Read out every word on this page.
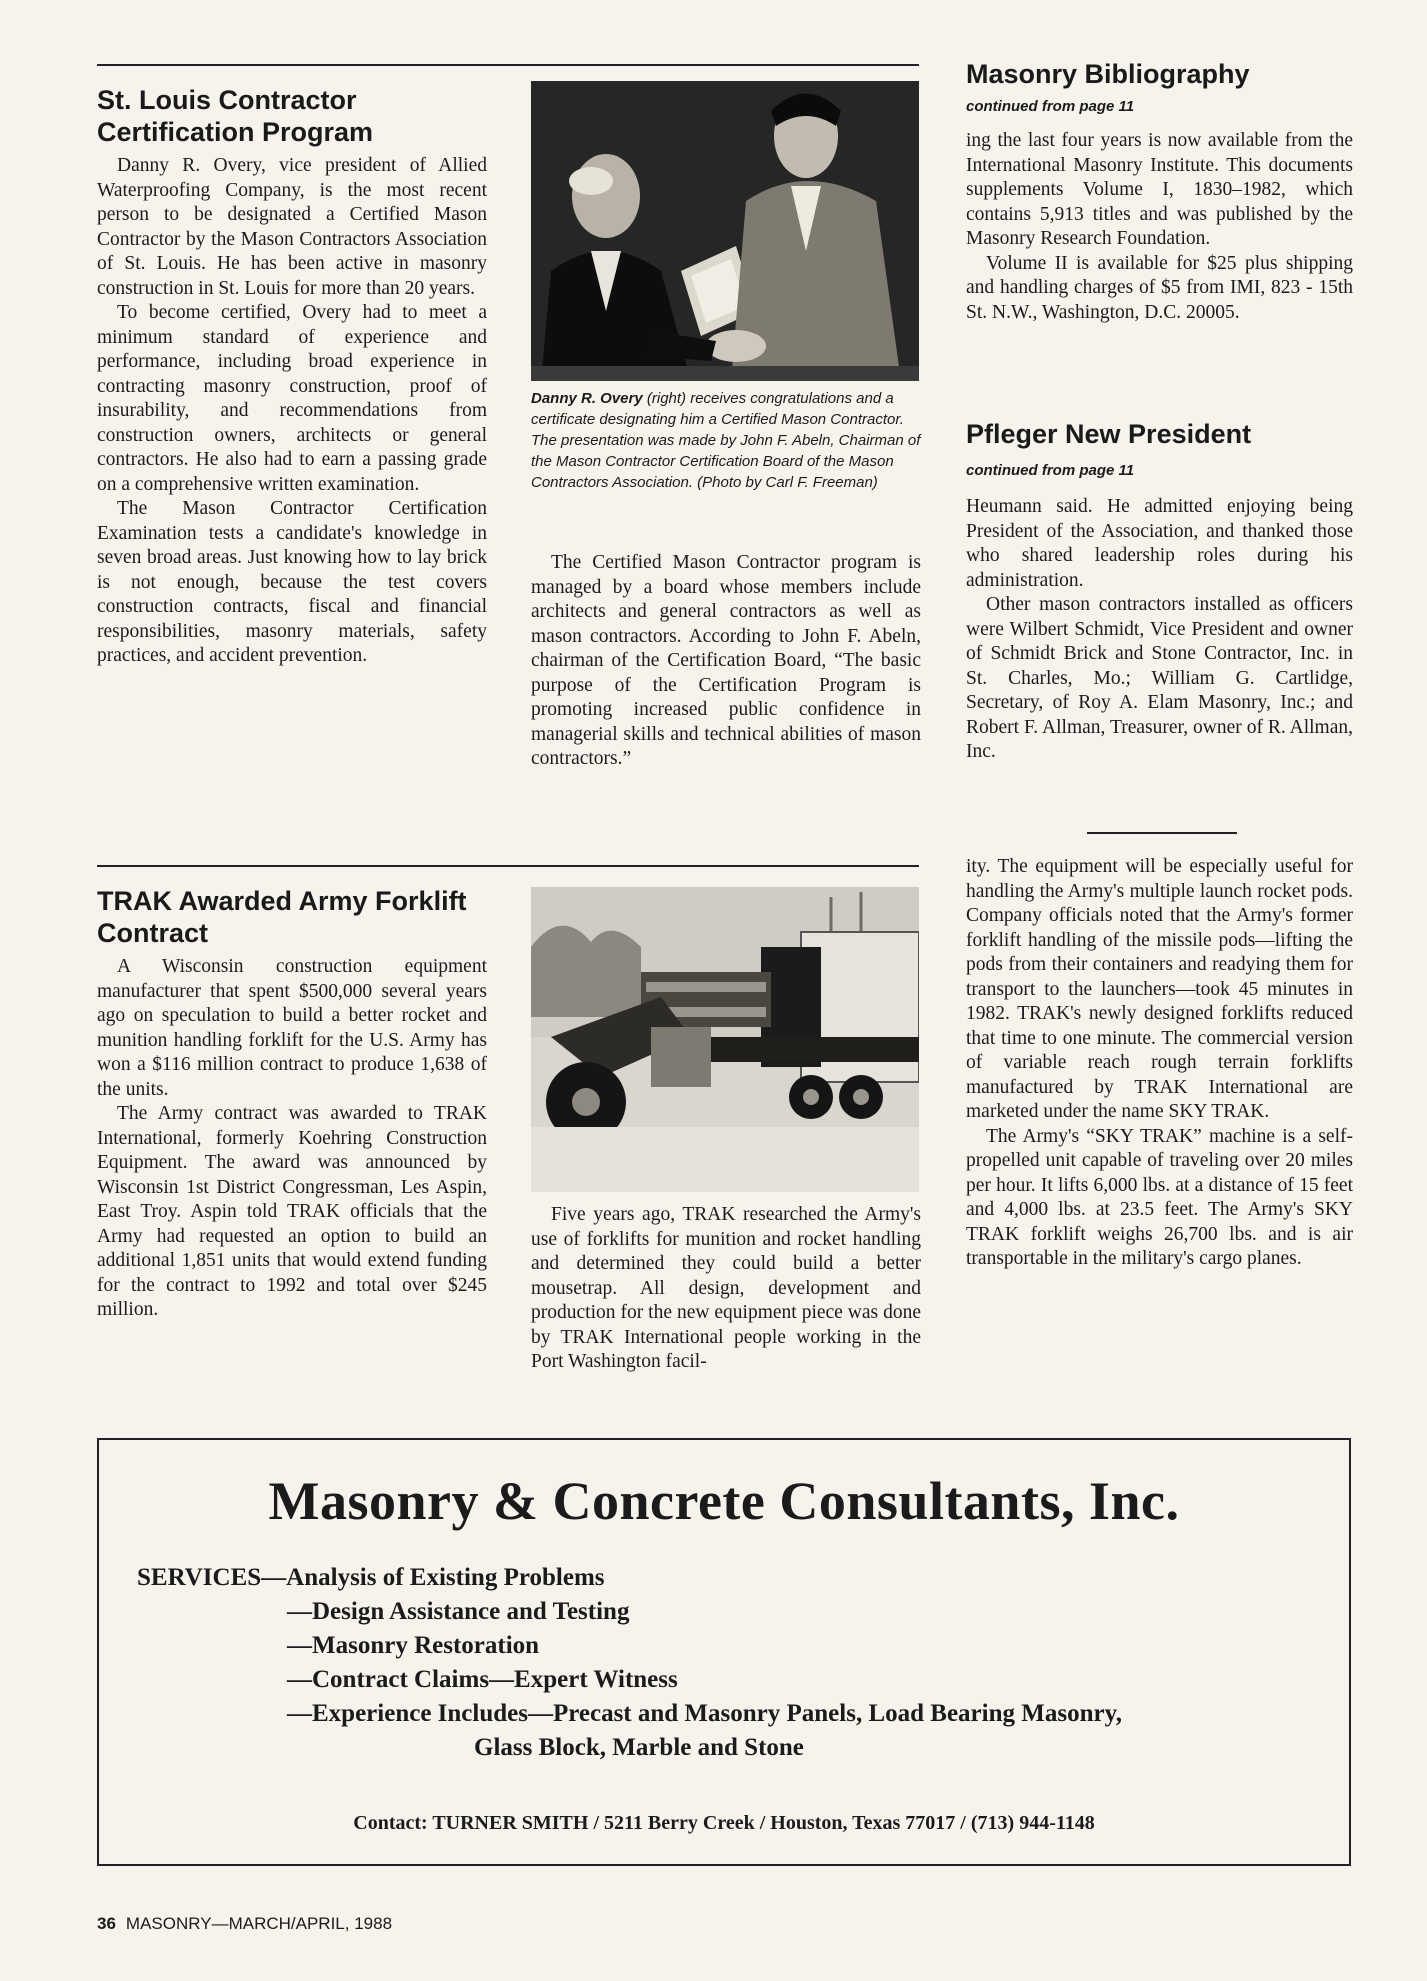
St. Louis Contractor Certification Program

Danny R. Overy, vice president of Allied Waterproofing Company, is the most recent person to be designated a Certified Mason Contractor by the Mason Contractors Association of St. Louis. He has been active in masonry construction in St. Louis for more than 20 years.

To become certified, Overy had to meet a minimum standard of experience and performance, including broad experience in contracting masonry construction, proof of insurability, and recommendations from construction owners, architects or general contractors. He also had to earn a passing grade on a comprehensive written examination.

The Mason Contractor Certification Examination tests a candidate's knowledge in seven broad areas. Just knowing how to lay brick is not enough, because the test covers construction contracts, fiscal and financial responsibilities, masonry materials, safety practices, and accident prevention.

Danny R. Overy (right) receives congratulations and a certificate designating him a Certified Mason Contractor. The presentation was made by John F. Abeln, Chairman of the Mason Contractor Certification Board of the Mason Contractors Association. (Photo by Carl F. Freeman)

The Certified Mason Contractor program is managed by a board whose members include architects and general contractors as well as mason contractors. According to John F. Abeln, chairman of the Certification Board, “The basic purpose of the Certification Program is promoting increased public confidence in managerial skills and technical abilities of mason contractors.”

Masonry Bibliography

continued from page 11

ing the last four years is now available from the International Masonry Institute. This documents supplements Volume I, 1830–1982, which contains 5,913 titles and was published by the Masonry Research Foundation.

Volume II is available for $25 plus shipping and handling charges of $5 from IMI, 823 - 15th St. N.W., Washington, D.C. 20005.

Pfleger New President

continued from page 11

Heumann said. He admitted enjoying being President of the Association, and thanked those who shared leadership roles during his administration.

Other mason contractors installed as officers were Wilbert Schmidt, Vice President and owner of Schmidt Brick and Stone Contractor, Inc. in St. Charles, Mo.; William G. Cartlidge, Secretary, of Roy A. Elam Masonry, Inc.; and Robert F. Allman, Treasurer, owner of R. Allman, Inc.

TRAK Awarded Army Forklift Contract

A Wisconsin construction equipment manufacturer that spent $500,000 several years ago on speculation to build a better rocket and munition handling forklift for the U.S. Army has won a $116 million contract to produce 1,638 of the units.

The Army contract was awarded to TRAK International, formerly Koehring Construction Equipment. The award was announced by Wisconsin 1st District Congressman, Les Aspin, East Troy. Aspin told TRAK officials that the Army had requested an option to build an additional 1,851 units that would extend funding for the contract to 1992 and total over $245 million.

Five years ago, TRAK researched the Army's use of forklifts for munition and rocket handling and determined they could build a better mousetrap. All design, development and production for the new equipment piece was done by TRAK International people working in the Port Washington facil-

ity. The equipment will be especially useful for handling the Army's multiple launch rocket pods. Company officials noted that the Army's former forklift handling of the missile pods—lifting the pods from their containers and readying them for transport to the launchers—took 45 minutes in 1982. TRAK's newly designed forklifts reduced that time to one minute. The commercial version of variable reach rough terrain forklifts manufactured by TRAK International are marketed under the name SKY TRAK.

The Army's “SKY TRAK” machine is a self-propelled unit capable of traveling over 20 miles per hour. It lifts 6,000 lbs. at a distance of 15 feet and 4,000 lbs. at 23.5 feet. The Army's SKY TRAK forklift weighs 26,700 lbs. and is air transportable in the military's cargo planes.

Masonry & Concrete Consultants, Inc.
SERVICES—Analysis of Existing Problems
—Design Assistance and Testing
—Masonry Restoration
—Contract Claims—Expert Witness
—Experience Includes—Precast and Masonry Panels, Load Bearing Masonry,
Glass Block, Marble and Stone
Contact: TURNER SMITH / 5211 Berry Creek / Houston, Texas 77017 / (713) 944-1148
36 MASONRY—MARCH/APRIL, 1988
